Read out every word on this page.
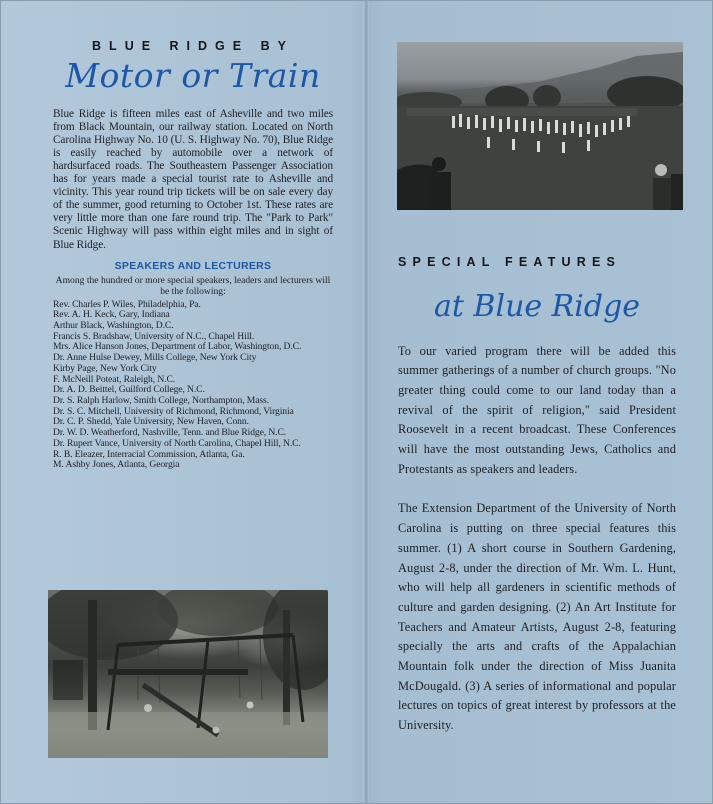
BLUE RIDGE BY
Motor or Train
Blue Ridge is fifteen miles east of Asheville and two miles from Black Mountain, our railway station. Located on North Carolina Highway No. 10 (U. S. Highway No. 70), Blue Ridge is easily reached by automobile over a network of hardsurfaced roads. The Southeastern Passenger Association has for years made a special tourist rate to Asheville and vicinity. This year round trip tickets will be on sale every day of the summer, good returning to October 1st. These rates are very little more than one fare round trip. The "Park to Park" Scenic Highway will pass within eight miles and in sight of Blue Ridge.
SPEAKERS AND LECTURERS
Among the hundred or more special speakers, leaders and lecturers will be the following:
Rev. Charles P. Wiles, Philadelphia, Pa.
Rev. A. H. Keck, Gary, Indiana
Arthur Black, Washington, D.C.
Francis S. Bradshaw, University of N.C., Chapel Hill.
Mrs. Alice Hanson Jones, Department of Labor, Washington, D.C.
Dr. Anne Hulse Dewey, Mills College, New York City
Kirby Page, New York City
F. McNeill Poteat, Raleigh, N.C.
Dr. A. D. Beittel, Guilford College, N.C.
Dr. S. Ralph Harlow, Smith College, Northampton, Mass.
Dr. S. C. Mitchell, University of Richmond, Richmond, Virginia
Dr. C. P. Shedd, Yale University, New Haven, Conn.
Dr. W. D. Weatherford, Nashville, Tenn. and Blue Ridge, N.C.
Dr. Rupert Vance, University of North Carolina, Chapel Hill, N.C.
R. B. Eleazer, Interracial Commission, Atlanta, Ga.
M. Ashby Jones, Atlanta, Georgia
SPECIAL FEATURES
at Blue Ridge
To our varied program there will be added this summer gatherings of a number of church groups. "No greater thing could come to our land today than a revival of the spirit of religion," said President Roosevelt in a recent broadcast. These Conferences will have the most outstanding Jews, Catholics and Protestants as speakers and leaders.
The Extension Department of the University of North Carolina is putting on three special features this summer. (1) A short course in Southern Gardening, August 2-8, under the direction of Mr. Wm. L. Hunt, who will help all gardeners in scientific methods of culture and garden designing. (2) An Art Institute for Teachers and Amateur Artists, August 2-8, featuring specially the arts and crafts of the Appalachian Mountain folk under the direction of Miss Juanita McDougald. (3) A series of informational and popular lectures on topics of great interest by professors at the University.
